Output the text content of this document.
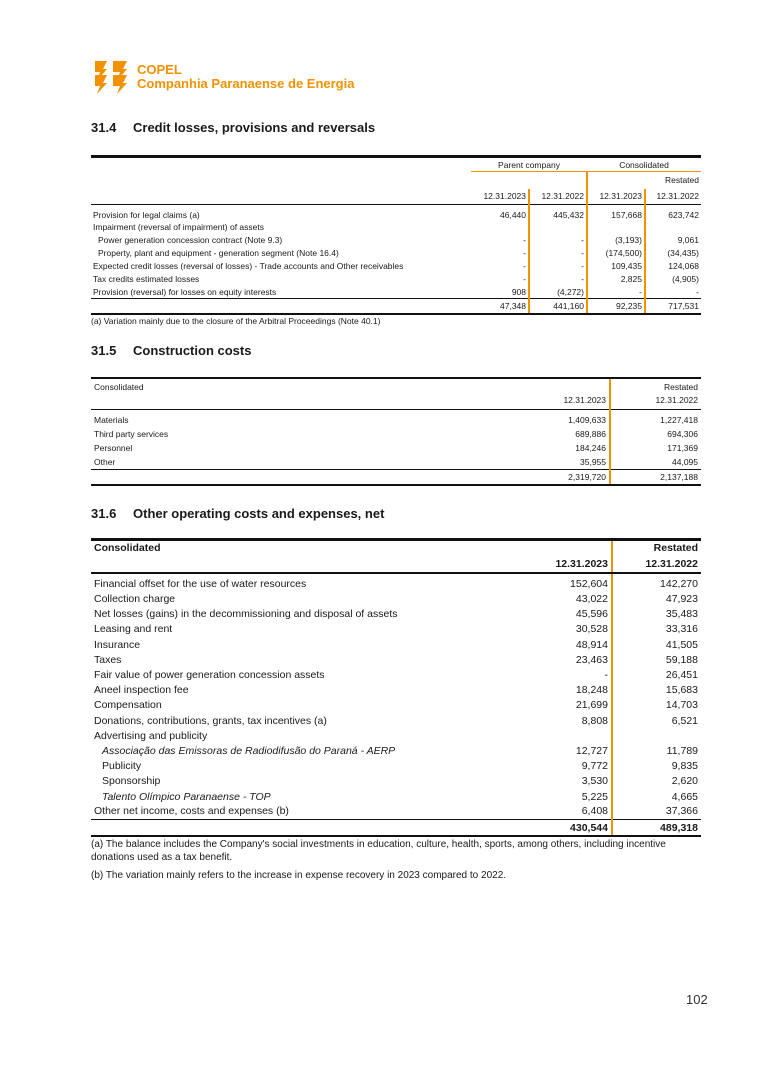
COPEL
Companhia Paranaense de Energia
31.4 Credit losses, provisions and reversals

	Parent company		Consolidated	
				Restated
	12.31.2023	12.31.2022	12.31.2023	12.31.2022
Provision for legal claims (a)	46,440	445,432	157,668	623,742
Impairment (reversal of impairment) of assets				
Power generation concession contract (Note 9.3)	-	-	(3,193)	9,061
Property, plant and equipment - generation segment (Note 16.4)	-	-	(174,500)	(34,435)
Expected credit losses (reversal of losses) - Trade accounts and Other receivables	-	-	109,435	124,068
Tax credits estimated losses	-	-	2,825	(4,905)
Provision (reversal) for losses on equity interests	908	(4,272)	-	-
	47,348	441,160	92,235	717,531
(a) Variation mainly due to the closure of the Arbitral Proceedings (Note 40.1)
31.5 Construction costs
Consolidated		Restated
	12.31.2023	12.31.2022
Materials	1,409,633	1,227,418
Third party services	689,886	694,306
Personnel	184,246	171,369
Other	35,955	44,095
	2,319,720	2,137,188
31.6 Other operating costs and expenses, net
Consolidated		Restated
	12.31.2023	12.31.2022
Financial offset for the use of water resources	152,604	142,270
Collection charge	43,022	47,923
Net losses (gains) in the decommissioning and disposal of assets	45,596	35,483
Leasing and rent	30,528	33,316
Insurance	48,914	41,505
Taxes	23,463	59,188
Fair value of power generation concession assets	-	26,451
Aneel inspection fee	18,248	15,683
Compensation	21,699	14,703
Donations, contributions, grants, tax incentives (a)	8,808	6,521
Advertising and publicity		
Associação das Emissoras de Radiodifusão do Paraná - AERP	12,727	11,789
Publicity	9,772	9,835
Sponsorship	3,530	2,620
Talento Olímpico Paranaense - TOP	5,225	4,665
Other net income, costs and expenses (b)	6,408	37,366
	430,544	489,318
(a) The balance includes the Company's social investments in education, culture, health, sports, among others, including incentive donations used as a tax benefit.
(b) The variation mainly refers to the increase in expense recovery in 2023 compared to 2022.
102
